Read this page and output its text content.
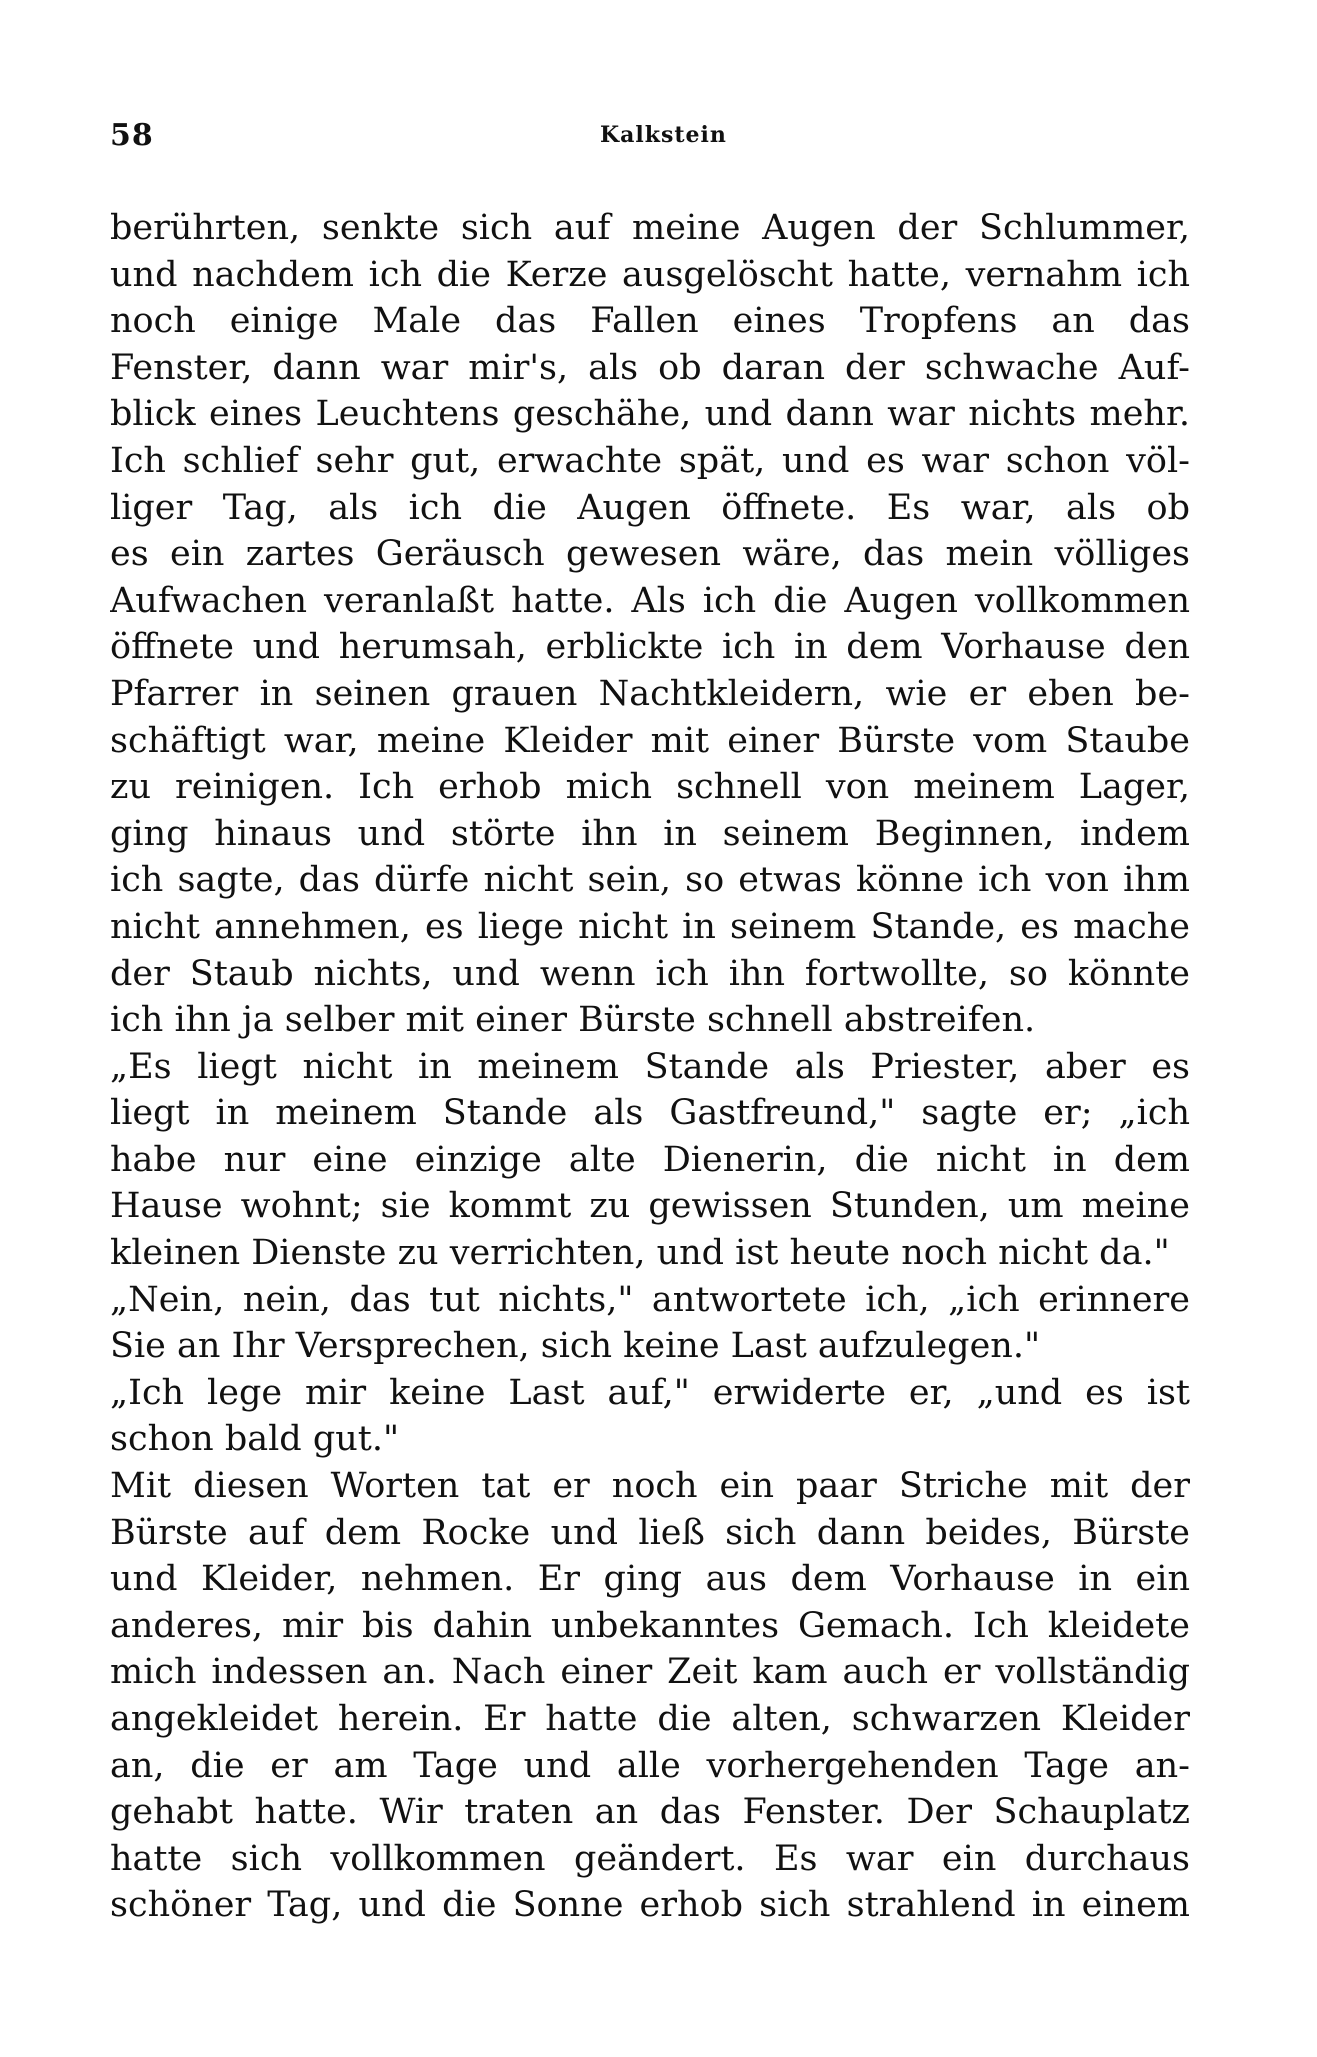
58	Kalkstein
berührten, senkte sich auf meine Augen der Schlummer,
und nachdem ich die Kerze ausgelöscht hatte, vernahm ich
noch einige Male das Fallen eines Tropfens an das
Fenster, dann war mir's, als ob daran der schwache Auf-
blick eines Leuchtens geschähe, und dann war nichts mehr.
Ich schlief sehr gut, erwachte spät, und es war schon völ-
liger Tag, als ich die Augen öffnete. Es war, als ob
es ein zartes Geräusch gewesen wäre, das mein völliges
Aufwachen veranlaßt hatte. Als ich die Augen vollkommen
öffnete und herumsah, erblickte ich in dem Vorhause den
Pfarrer in seinen grauen Nachtkleidern, wie er eben be-
schäftigt war, meine Kleider mit einer Bürste vom Staube
zu reinigen. Ich erhob mich schnell von meinem Lager,
ging hinaus und störte ihn in seinem Beginnen, indem
ich sagte, das dürfe nicht sein, so etwas könne ich von ihm
nicht annehmen, es liege nicht in seinem Stande, es mache
der Staub nichts, und wenn ich ihn fortwollte, so könnte
ich ihn ja selber mit einer Bürste schnell abstreifen.
„Es liegt nicht in meinem Stande als Priester, aber es
liegt in meinem Stande als Gastfreund," sagte er; „ich
habe nur eine einzige alte Dienerin, die nicht in dem
Hause wohnt; sie kommt zu gewissen Stunden, um meine
kleinen Dienste zu verrichten, und ist heute noch nicht da."
„Nein, nein, das tut nichts," antwortete ich, „ich erinnere
Sie an Ihr Versprechen, sich keine Last aufzulegen."
„Ich lege mir keine Last auf," erwiderte er, „und es ist
schon bald gut."
Mit diesen Worten tat er noch ein paar Striche mit der
Bürste auf dem Rocke und ließ sich dann beides, Bürste
und Kleider, nehmen. Er ging aus dem Vorhause in ein
anderes, mir bis dahin unbekanntes Gemach. Ich kleidete
mich indessen an. Nach einer Zeit kam auch er vollständig
angekleidet herein. Er hatte die alten, schwarzen Kleider
an, die er am Tage und alle vorhergehenden Tage an-
gehabt hatte. Wir traten an das Fenster. Der Schauplatz
hatte sich vollkommen geändert. Es war ein durchaus
schöner Tag, und die Sonne erhob sich strahlend in einem
